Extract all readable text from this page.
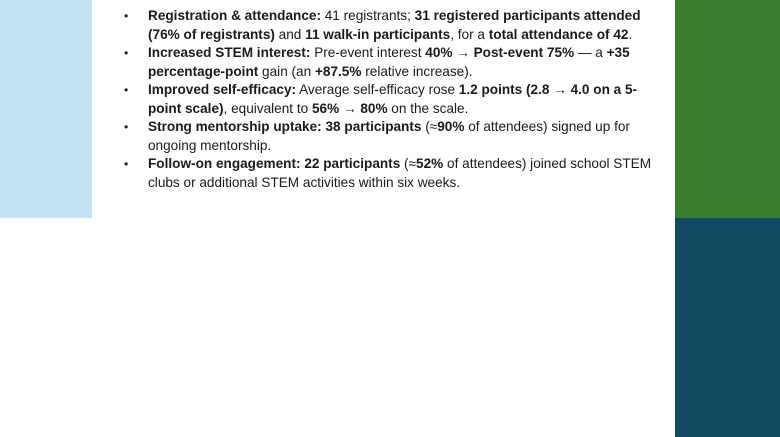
• Registration & attendance: 41 registrants; 31 registered participants attended (76% of registrants) and 11 walk-in participants, for a total attendance of 42.
• Increased STEM interest: Pre-event interest 40% → Post-event 75% — a +35 percentage-point gain (an +87.5% relative increase).
• Improved self-efficacy: Average self-efficacy rose 1.2 points (2.8 → 4.0 on a 5-point scale), equivalent to 56% → 80% on the scale.
• Strong mentorship uptake: 38 participants (≈90% of attendees) signed up for ongoing mentorship.
• Follow-on engagement: 22 participants (≈52% of attendees) joined school STEM clubs or additional STEM activities within six weeks.
